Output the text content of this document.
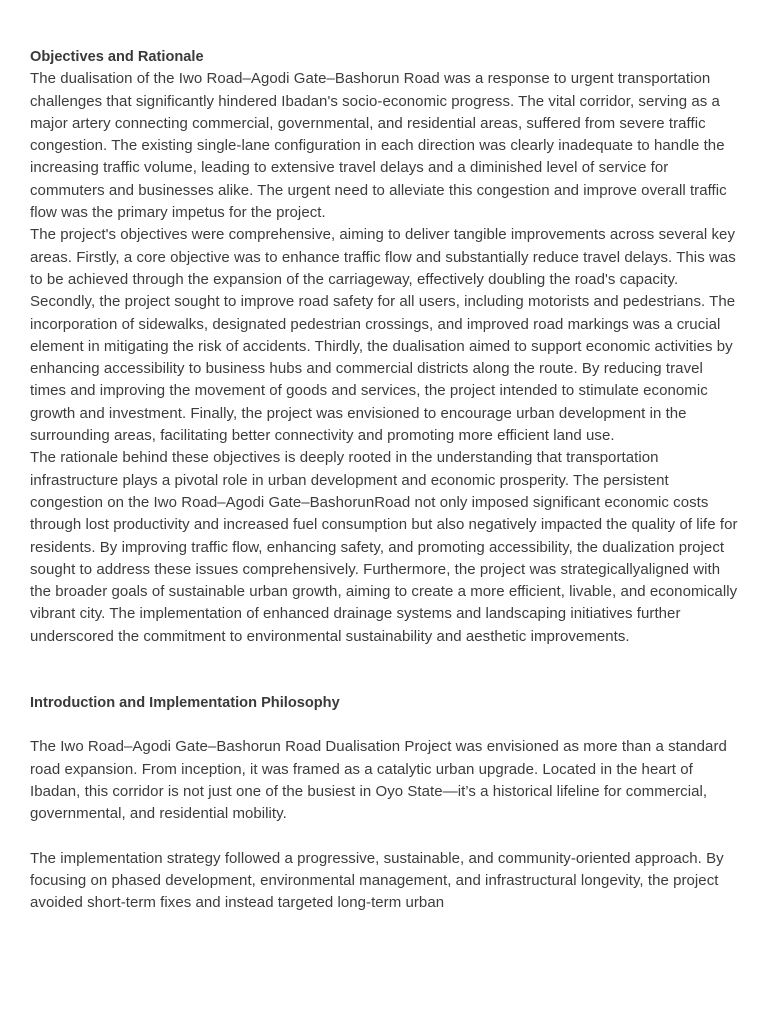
Objectives and Rationale

The dualisation of the Iwo Road–Agodi Gate–Bashorun Road was a response to urgent transportation challenges that significantly hindered Ibadan's socio-economic progress. The vital corridor, serving as a major artery connecting commercial, governmental, and residential areas, suffered from severe traffic congestion. The existing single-lane configuration in each direction was clearly inadequate to handle the increasing traffic volume, leading to extensive travel delays and a diminished level of service for commuters and businesses alike. The urgent need to alleviate this congestion and improve overall traffic flow was the primary impetus for the project.

The project's objectives were comprehensive, aiming to deliver tangible improvements across several key areas. Firstly, a core objective was to enhance traffic flow and substantially reduce travel delays. This was to be achieved through the expansion of the carriageway, effectively doubling the road's capacity. Secondly, the project sought to improve road safety for all users, including motorists and pedestrians. The incorporation of sidewalks, designated pedestrian crossings, and improved road markings was a crucial element in mitigating the risk of accidents. Thirdly, the dualisation aimed to support economic activities by enhancing accessibility to business hubs and commercial districts along the route. By reducing travel times and improving the movement of goods and services, the project intended to stimulate economic growth and investment. Finally, the project was envisioned to encourage urban development in the surrounding areas, facilitating better connectivity and promoting more efficient land use.

The rationale behind these objectives is deeply rooted in the understanding that transportation infrastructure plays a pivotal role in urban development and economic prosperity. The persistent congestion on the Iwo Road–Agodi Gate–BashorunRoad not only imposed significant economic costs through lost productivity and increased fuel consumption but also negatively impacted the quality of life for residents. By improving traffic flow, enhancing safety, and promoting accessibility, the dualization project sought to address these issues comprehensively. Furthermore, the project was strategicallyaligned with the broader goals of sustainable urban growth, aiming to create a more efficient, livable, and economically vibrant city. The implementation of enhanced drainage systems and landscaping initiatives further underscored the commitment to environmental sustainability and aesthetic improvements.

Introduction and Implementation Philosophy

The Iwo Road–Agodi Gate–Bashorun Road Dualisation Project was envisioned as more than a standard road expansion. From inception, it was framed as a catalytic urban upgrade. Located in the heart of Ibadan, this corridor is not just one of the busiest in Oyo State—it’s a historical lifeline for commercial, governmental, and residential mobility.

The implementation strategy followed a progressive, sustainable, and community-oriented approach. By focusing on phased development, environmental management, and infrastructural longevity, the project avoided short-term fixes and instead targeted long-term urban
